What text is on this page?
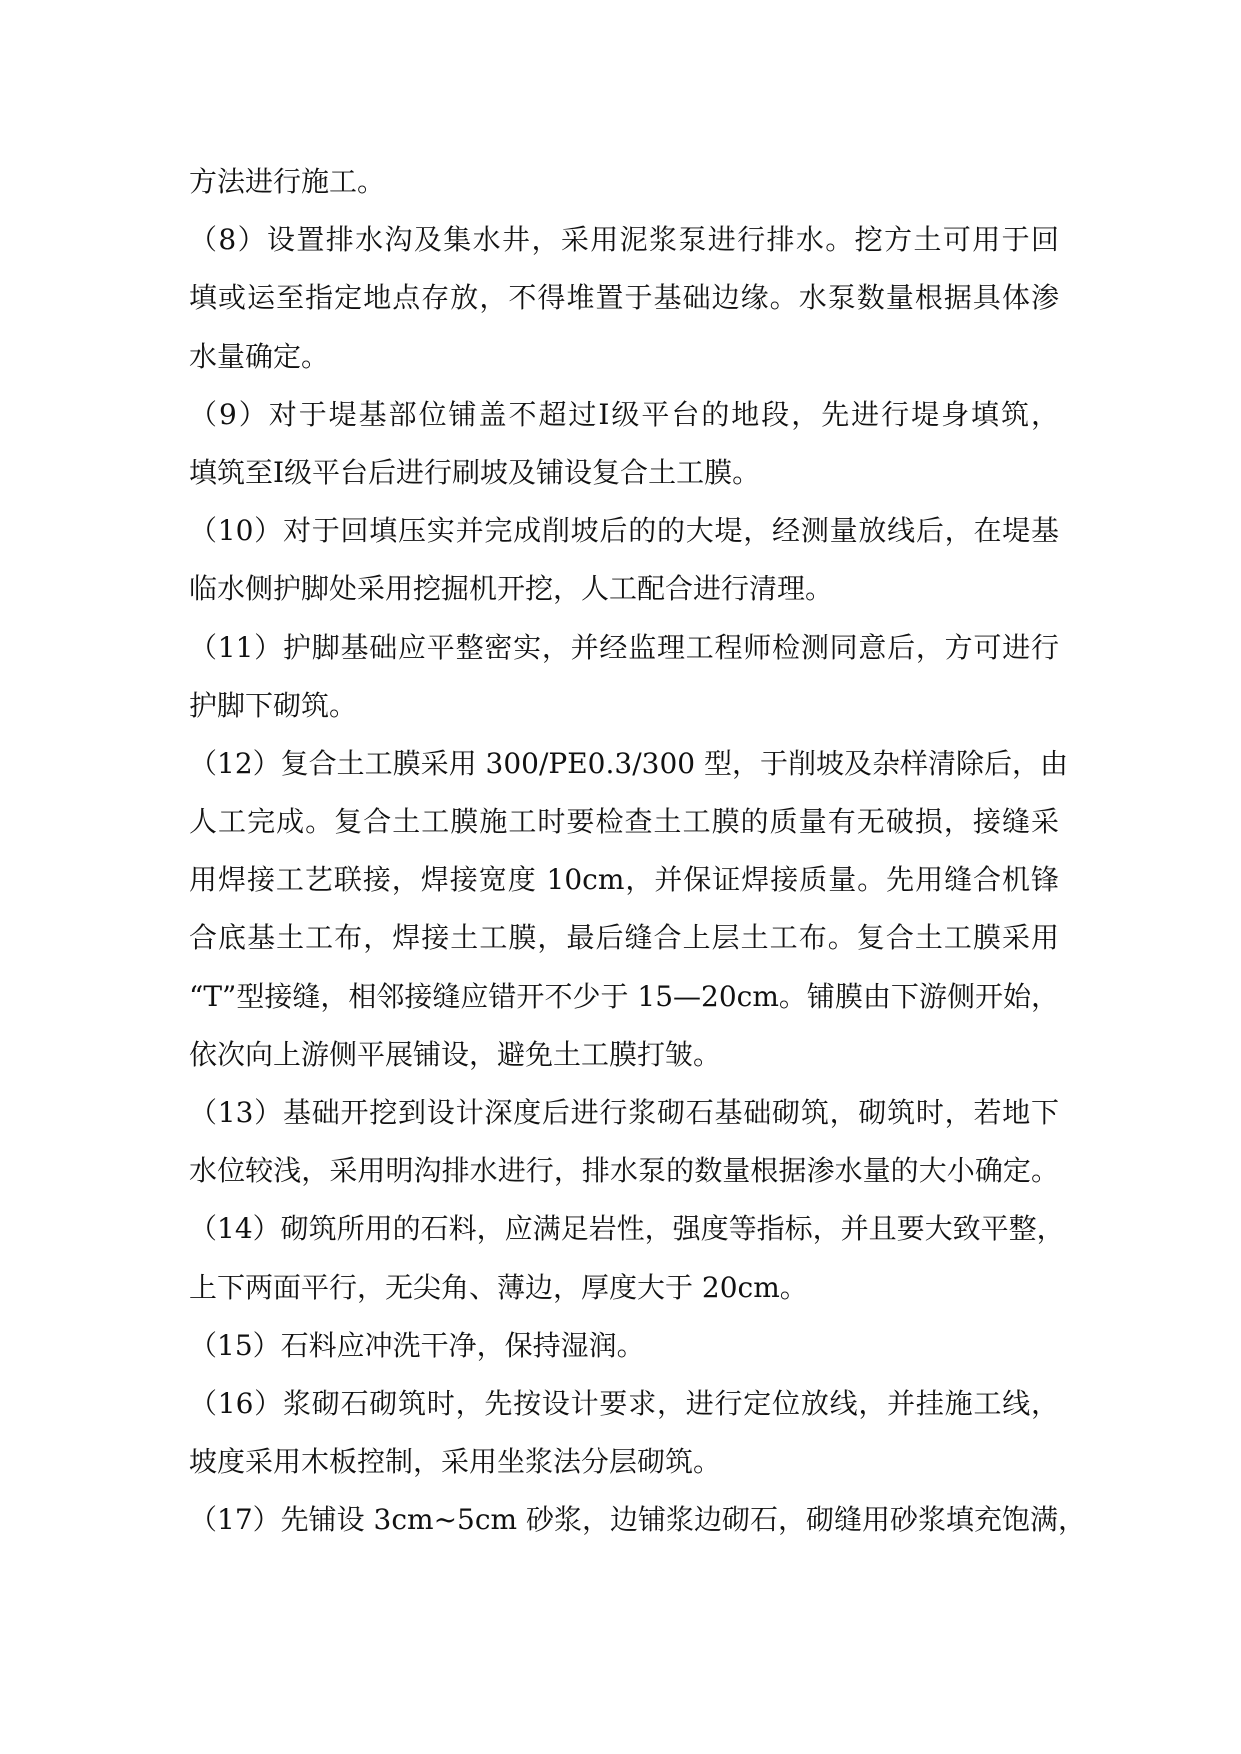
方法进行施工。
（8）设置排水沟及集水井，采用泥浆泵进行排水。挖方土可用于回
填或运至指定地点存放，不得堆置于基础边缘。水泵数量根据具体渗
水量确定。
（9）对于堤基部位铺盖不超过Ⅰ级平台的地段，先进行堤身填筑，
填筑至Ⅰ级平台后进行刷坡及铺设复合土工膜。
（10）对于回填压实并完成削坡后的的大堤，经测量放线后，在堤基
临水侧护脚处采用挖掘机开挖，人工配合进行清理。
（11）护脚基础应平整密实，并经监理工程师检测同意后，方可进行
护脚下砌筑。
（12）复合土工膜采用 300/PE0.3/300 型，于削坡及杂样清除后，由
人工完成。复合土工膜施工时要检查土工膜的质量有无破损，接缝采
用焊接工艺联接，焊接宽度 10cm，并保证焊接质量。先用缝合机锋
合底基土工布，焊接土工膜，最后缝合上层土工布。复合土工膜采用
“T”型接缝，相邻接缝应错开不少于 15—20cm。铺膜由下游侧开始，
依次向上游侧平展铺设，避免土工膜打皱。
（13）基础开挖到设计深度后进行浆砌石基础砌筑，砌筑时，若地下
水位较浅，采用明沟排水进行，排水泵的数量根据渗水量的大小确定。
（14）砌筑所用的石料，应满足岩性，强度等指标，并且要大致平整，
上下两面平行，无尖角、薄边，厚度大于 20cm。
（15）石料应冲洗干净，保持湿润。
（16）浆砌石砌筑时，先按设计要求，进行定位放线，并挂施工线，
坡度采用木板控制，采用坐浆法分层砌筑。
（17）先铺设 3cm~5cm 砂浆，边铺浆边砌石，砌缝用砂浆填充饱满，
